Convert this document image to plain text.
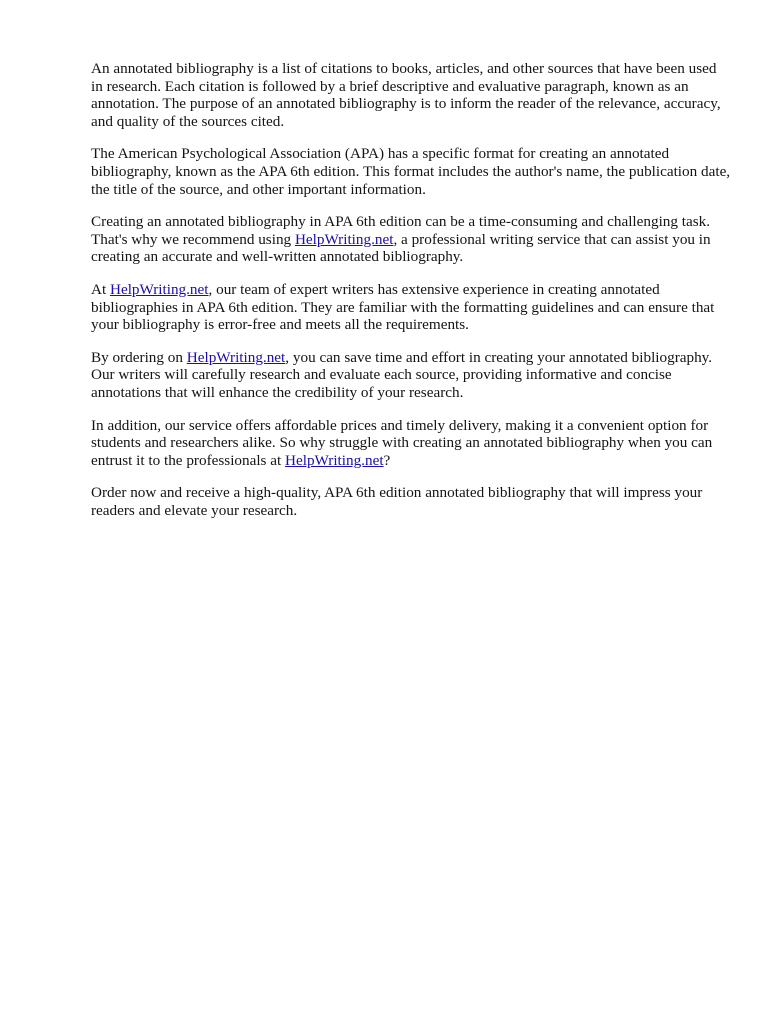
An annotated bibliography is a list of citations to books, articles, and other sources that have been used in research. Each citation is followed by a brief descriptive and evaluative paragraph, known as an annotation. The purpose of an annotated bibliography is to inform the reader of the relevance, accuracy, and quality of the sources cited.

The American Psychological Association (APA) has a specific format for creating an annotated bibliography, known as the APA 6th edition. This format includes the author's name, the publication date, the title of the source, and other important information.

Creating an annotated bibliography in APA 6th edition can be a time-consuming and challenging task. That's why we recommend using HelpWriting.net, a professional writing service that can assist you in creating an accurate and well-written annotated bibliography.

At HelpWriting.net, our team of expert writers has extensive experience in creating annotated bibliographies in APA 6th edition. They are familiar with the formatting guidelines and can ensure that your bibliography is error-free and meets all the requirements.

By ordering on HelpWriting.net, you can save time and effort in creating your annotated bibliography. Our writers will carefully research and evaluate each source, providing informative and concise annotations that will enhance the credibility of your research.

In addition, our service offers affordable prices and timely delivery, making it a convenient option for students and researchers alike. So why struggle with creating an annotated bibliography when you can entrust it to the professionals at HelpWriting.net?

Order now and receive a high-quality, APA 6th edition annotated bibliography that will impress your readers and elevate your research.
